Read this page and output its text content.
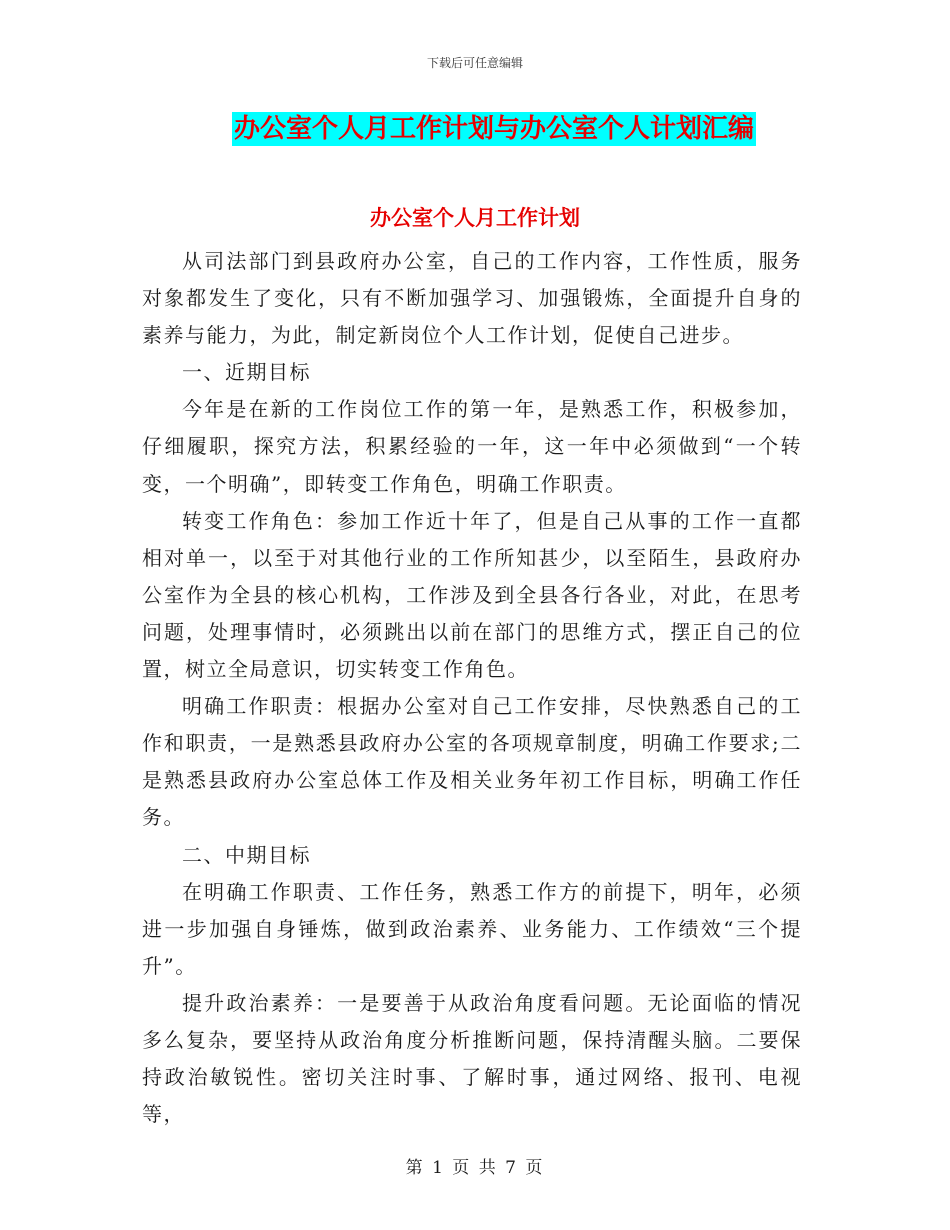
下载后可任意编辑
办公室个人月工作计划与办公室个人计划汇编
办公室个人月工作计划

从司法部门到县政府办公室，自己的工作内容，工作性质，服务对象都发生了变化，只有不断加强学习、加强锻炼，全面提升自身的素养与能力，为此，制定新岗位个人工作计划，促使自己进步。

一、近期目标

今年是在新的工作岗位工作的第一年，是熟悉工作，积极参加，仔细履职，探究方法，积累经验的一年，这一年中必须做到“一个转变，一个明确”，即转变工作角色，明确工作职责。

转变工作角色：参加工作近十年了，但是自己从事的工作一直都相对单一，以至于对其他行业的工作所知甚少，以至陌生，县政府办公室作为全县的核心机构，工作涉及到全县各行各业，对此，在思考问题，处理事情时，必须跳出以前在部门的思维方式，摆正自己的位置，树立全局意识，切实转变工作角色。

明确工作职责：根据办公室对自己工作安排，尽快熟悉自己的工作和职责，一是熟悉县政府办公室的各项规章制度，明确工作要求;二是熟悉县政府办公室总体工作及相关业务年初工作目标，明确工作任务。

二、中期目标

在明确工作职责、工作任务，熟悉工作方的前提下，明年，必须进一步加强自身锤炼，做到政治素养、业务能力、工作绩效“三个提升”。

提升政治素养：一是要善于从政治角度看问题。无论面临的情况多么复杂，要坚持从政治角度分析推断问题，保持清醒头脑。二要保持政治敏锐性。密切关注时事、了解时事，通过网络、报刊、电视等，

第 1 页 共 7 页
